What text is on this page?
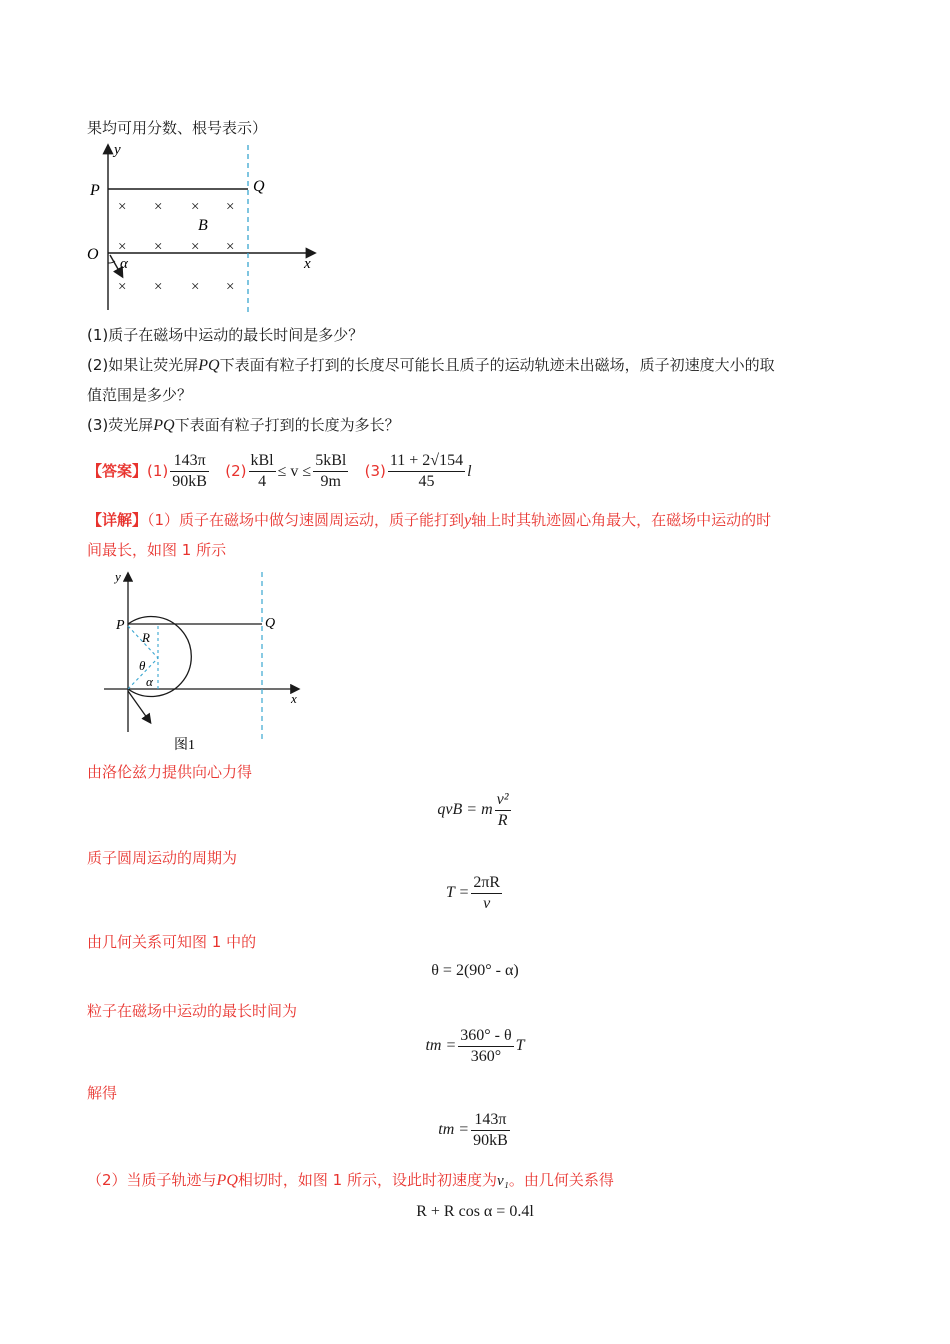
果均可用分数、根号表示）
y
x
P	Q
O
B
α
× × × ×
× × × ×
× × × ×
(1)质子在磁场中运动的最长时间是多少？
(2)如果让荧光屏PQ下表面有粒子打到的长度尽可能长且质子的运动轨迹未出磁场，质子初速度大小的取
值范围是多少？
(3)荧光屏PQ下表面有粒子打到的长度为多长？
【答案】$(1) \frac{143\pi}{90kB} (2) \frac{\text{kBl}}{4} \le v \le \frac{\text{5kBl}}{9m} (3) \frac{11 + 2√154}{45}$ l
【详解】（1）质子在磁场中做匀速圆周运动，质子能打到y轴上时其轨迹圆心角最大，在磁场中运动的时
间最长，如图 1 所示
y
x
P	Q
R
θ
α
图1
由洛伦兹力提供向心力得
qvB = m $\frac{\text{v²}}{R}$
质子圆周运动的周期为
$T = \frac{2\pi R}{v}$
由几何关系可知图 1 中的
θ = 2(90° - α)
粒子在磁场中运动的最长时间为
tm = $\frac{360^\circ - \theta}{360^\circ}$ T
解得
tm = $\frac{143\pi}{90kB}$
（2）当质子轨迹与PQ相切时，如图 1 所示，设此时初速度为v₁。由几何关系得
R + R cos α = 0.4l
